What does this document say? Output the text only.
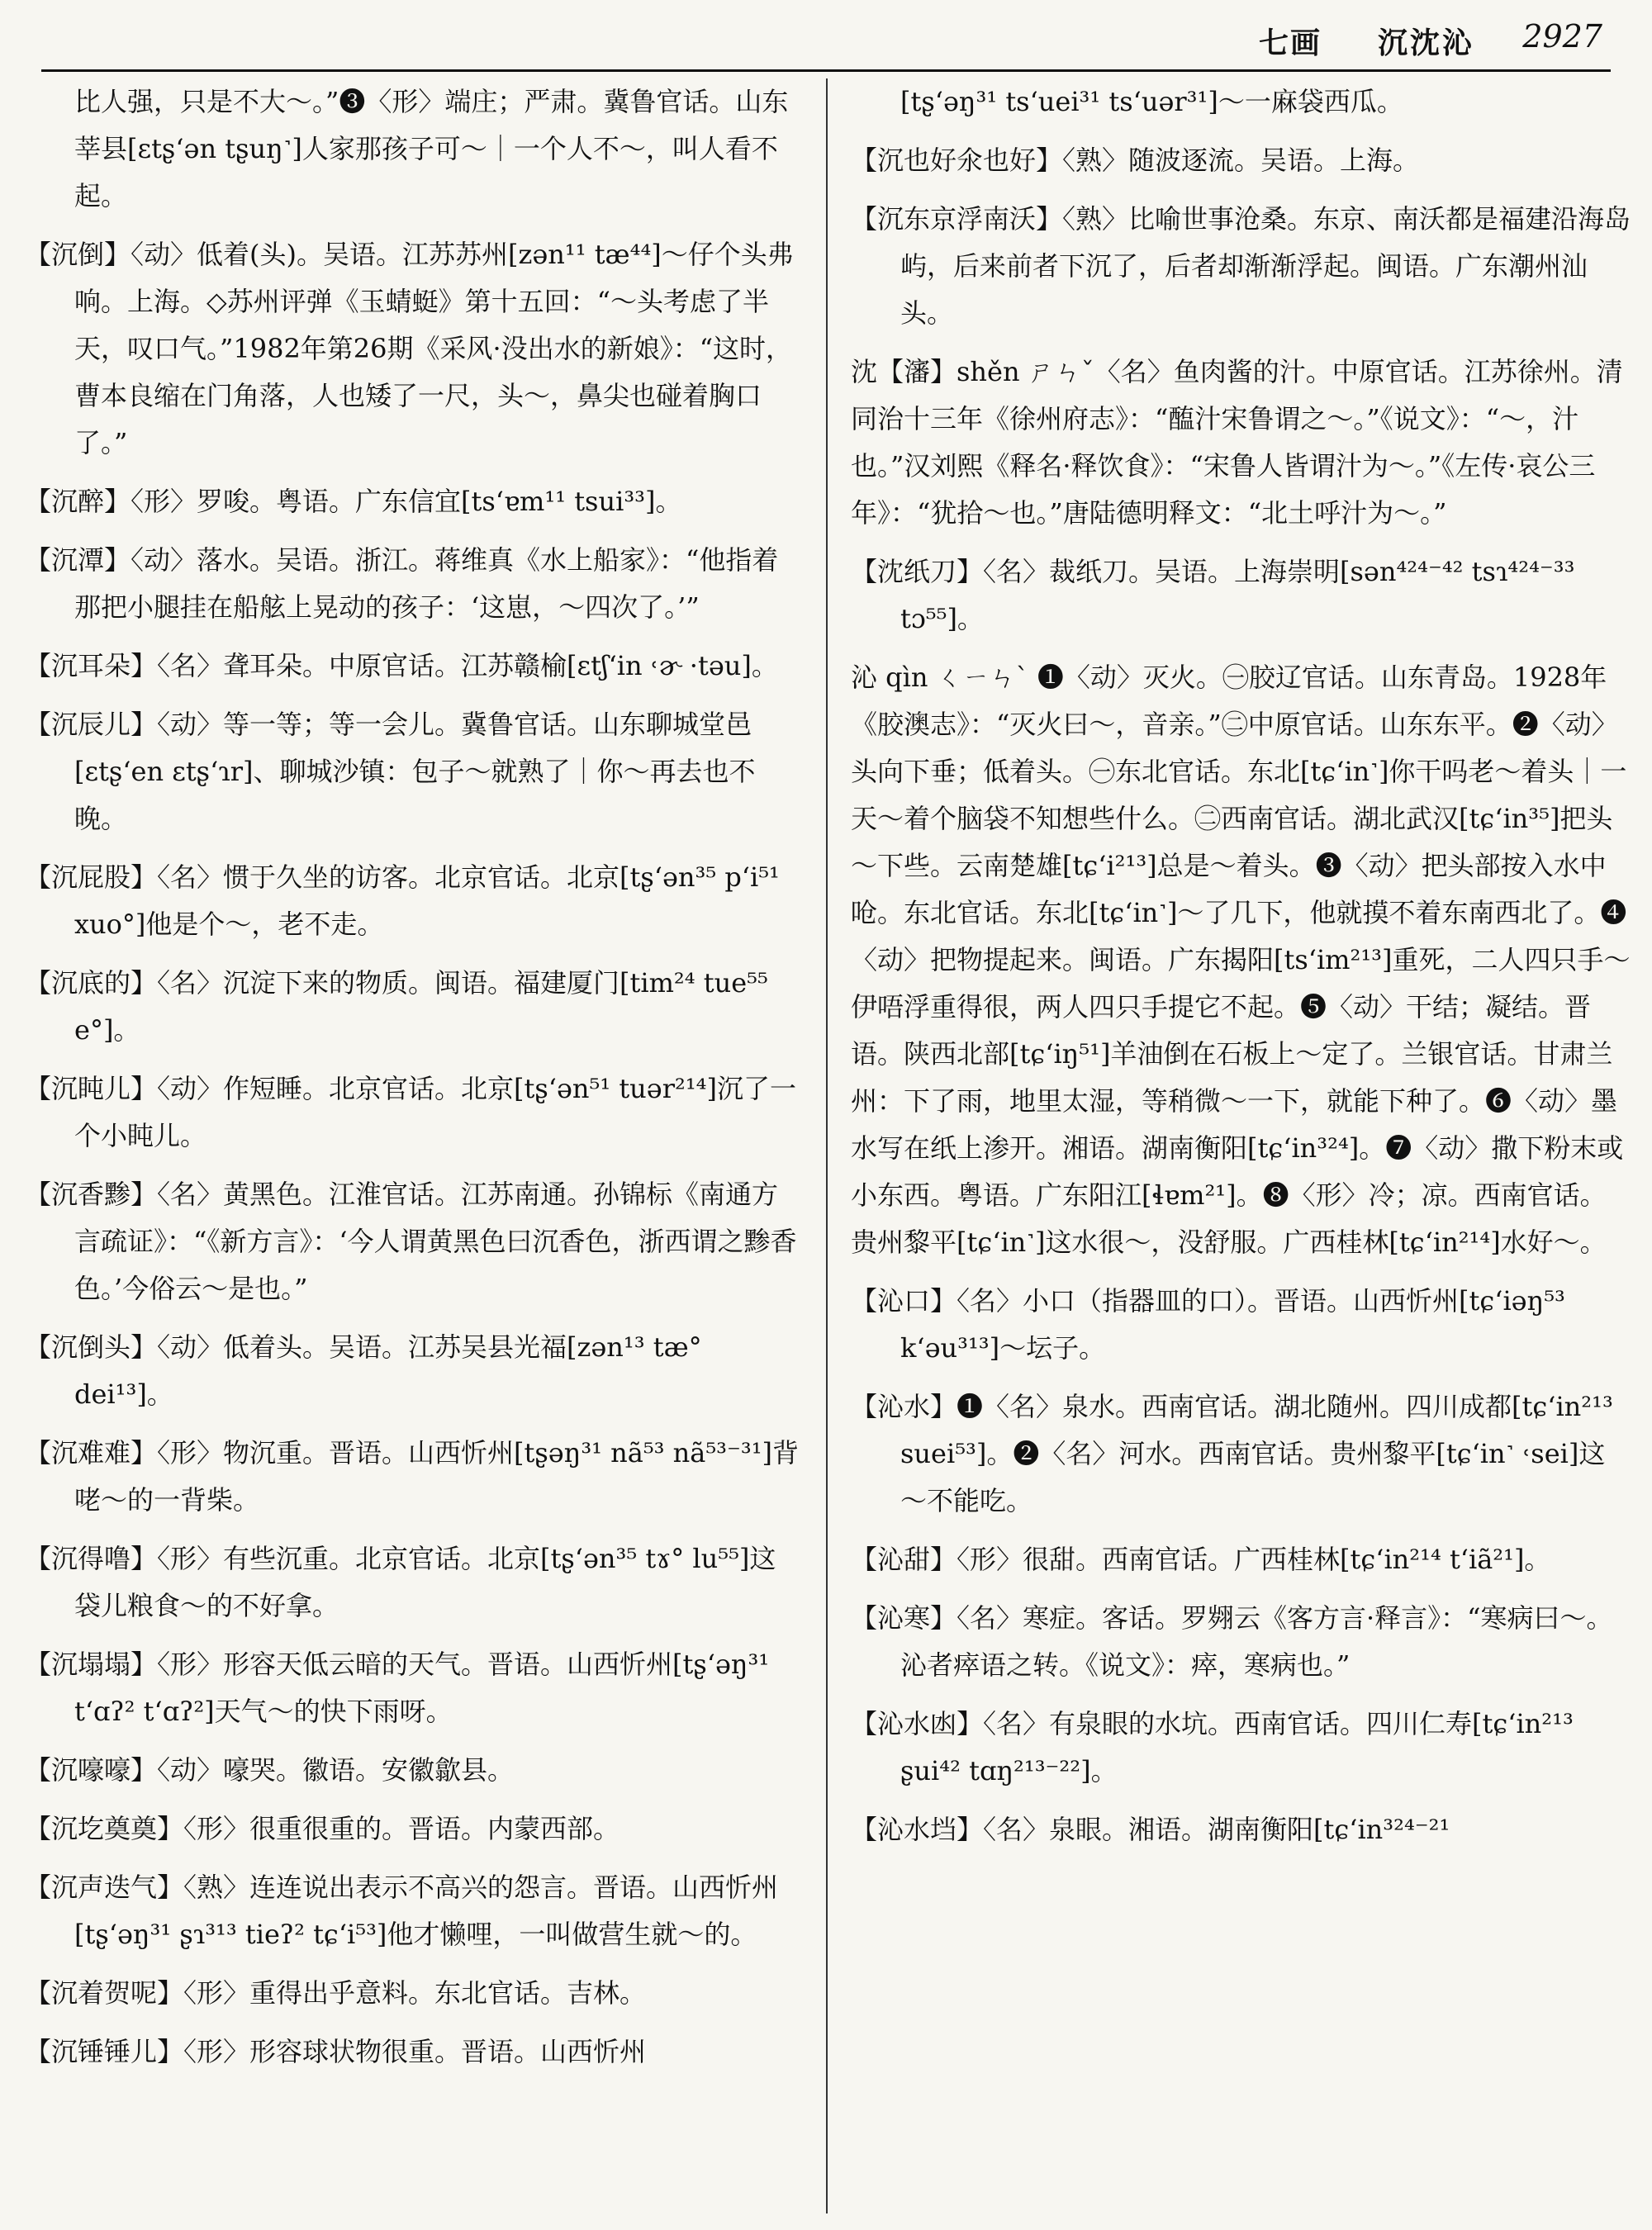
七画 沉沈沁 2927

比人强，只是不大～。”❸〈形〉端庄；严肃。冀鲁官话。山东莘县[ɛtʂ‘ən tʂuŋ˺]人家那孩子可～｜一个人不～，叫人看不起。

【沉倒】〈动〉低着(头)。吴语。江苏苏州[zən¹¹ tæ⁴⁴]～仔个头弗响。上海。◇苏州评弹《玉蜻蜓》第十五回：“～头考虑了半天，叹口气。”1982年第26期《采风·没出水的新娘》：“这时，曹本良缩在门角落，人也矮了一尺，头～，鼻尖也碰着胸口了。”

【沉醉】〈形〉罗唆。粤语。广东信宜[ts‘ɐm¹¹ tsui³³]。

【沉潭】〈动〉落水。吴语。浙江。蒋维真《水上船家》：“他指着那把小腿挂在船舷上晃动的孩子：‘这崽，～四次了。’”

【沉耳朵】〈名〉聋耳朵。中原官话。江苏赣榆[ɛtʃ‘in ˓ɚ ·təu]。

【沉辰儿】〈动〉等一等；等一会儿。冀鲁官话。山东聊城堂邑[ɛtʂ‘en ɛtʂ‘ɿr]、聊城沙镇：包子～就熟了｜你～再去也不晚。

【沉屁股】〈名〉惯于久坐的访客。北京官话。北京[tʂ‘ən³⁵ p‘i⁵¹ xuo°]他是个～，老不走。

【沉底的】〈名〉沉淀下来的物质。闽语。福建厦门[tim²⁴ tue⁵⁵ e°]。

【沉盹儿】〈动〉作短睡。北京官话。北京[tʂ‘ən⁵¹ tuər²¹⁴]沉了一个小盹儿。

【沉香黪】〈名〉黄黑色。江淮官话。江苏南通。孙锦标《南通方言疏证》：“《新方言》：‘今人谓黄黑色曰沉香色，浙西谓之黪香色。’今俗云～是也。”

【沉倒头】〈动〉低着头。吴语。江苏吴县光福[zən¹³ tæ° dei¹³]。

【沉难难】〈形〉物沉重。晋语。山西忻州[tʂəŋ³¹ nã⁵³ nã⁵³⁻³¹]背咾～的一背柴。

【沉得噜】〈形〉有些沉重。北京官话。北京[tʂ‘ən³⁵ tɤ° lu⁵⁵]这袋儿粮食～的不好拿。

【沉塌塌】〈形〉形容天低云暗的天气。晋语。山西忻州[tʂ‘əŋ³¹ t‘ɑʔ² t‘ɑʔ²]天气～的快下雨呀。

【沉嚎嚎】〈动〉嚎哭。徽语。安徽歙县。

【沉圪奠奠】〈形〉很重很重的。晋语。内蒙西部。

【沉声迭气】〈熟〉连连说出表示不高兴的怨言。晋语。山西忻州[tʂ‘əŋ³¹ ʂɿ³¹³ tieʔ² tɕ‘i⁵³]他才懒哩，一叫做营生就～的。

【沉着贺呢】〈形〉重得出乎意料。东北官话。吉林。

【沉锤锤儿】〈形〉形容球状物很重。晋语。山西忻州

[tʂ‘əŋ³¹ ts‘uei³¹ ts‘uər³¹]～一麻袋西瓜。

【沉也好氽也好】〈熟〉随波逐流。吴语。上海。

【沉东京浮南沃】〈熟〉比喻世事沧桑。东京、南沃都是福建沿海岛屿，后来前者下沉了，后者却渐渐浮起。闽语。广东潮州汕头。

沈【瀋】shěn ㄕㄣˇ〈名〉鱼肉酱的汁。中原官话。江苏徐州。清同治十三年《徐州府志》：“醢汁宋鲁谓之～。”《说文》：“～，汁也。”汉刘熙《释名·释饮食》：“宋鲁人皆谓汁为～。”《左传·哀公三年》：“犹拾～也。”唐陆德明释文：“北土呼汁为～。”

【沈纸刀】〈名〉裁纸刀。吴语。上海崇明[sən⁴²⁴⁻⁴² tsɿ⁴²⁴⁻³³ tɔ⁵⁵]。

沁 qìn ㄑㄧㄣˋ ❶〈动〉灭火。㊀胶辽官话。山东青岛。1928年《胶澳志》：“灭火曰～，音亲。”㊁中原官话。山东东平。❷〈动〉头向下垂；低着头。㊀东北官话。东北[tɕ‘in˺]你干吗老～着头｜一天～着个脑袋不知想些什么。㊁西南官话。湖北武汉[tɕ‘in³⁵]把头～下些。云南楚雄[tɕ‘i²¹³]总是～着头。❸〈动〉把头部按入水中呛。东北官话。东北[tɕ‘in˺]～了几下，他就摸不着东南西北了。❹〈动〉把物提起来。闽语。广东揭阳[ts‘im²¹³]重死，二人四只手～伊唔浮重得很，两人四只手提它不起。❺〈动〉干结；凝结。晋语。陕西北部[tɕ‘iŋ⁵¹]羊油倒在石板上～定了。兰银官话。甘肃兰州：下了雨，地里太湿，等稍微～一下，就能下种了。❻〈动〉墨水写在纸上渗开。湘语。湖南衡阳[tɕ‘in³²⁴]。❼〈动〉撒下粉末或小东西。粤语。广东阳江[ɬɐm²¹]。❽〈形〉冷；凉。西南官话。贵州黎平[tɕ‘in˺]这水很～，没舒服。广西桂林[tɕ‘in²¹⁴]水好～。

【沁口】〈名〉小口（指器皿的口）。晋语。山西忻州[tɕ‘iəŋ⁵³ k‘əu³¹³]～坛子。

【沁水】❶〈名〉泉水。西南官话。湖北随州。四川成都[tɕ‘in²¹³ suei⁵³]。❷〈名〉河水。西南官话。贵州黎平[tɕ‘in˺ ˓sei]这～不能吃。

【沁甜】〈形〉很甜。西南官话。广西桂林[tɕ‘in²¹⁴ t‘iã²¹]。

【沁寒】〈名〉寒症。客话。罗翙云《客方言·释言》：“寒病曰～。沁者瘁语之转。《说文》：瘁，寒病也。”

【沁水凼】〈名〉有泉眼的水坑。西南官话。四川仁寿[tɕ‘in²¹³ ʂui⁴² tɑŋ²¹³⁻²²]。

【沁水垱】〈名〉泉眼。湘语。湖南衡阳[tɕ‘in³²⁴⁻²¹
